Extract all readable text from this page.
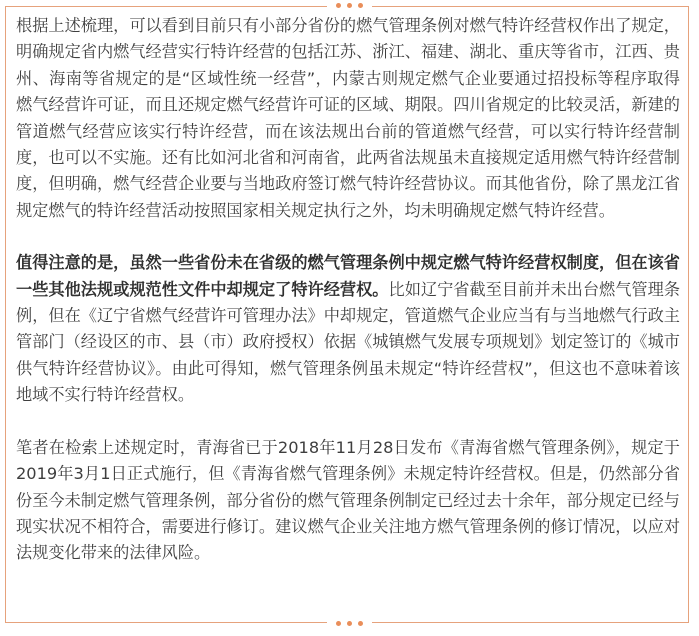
根据上述梳理，可以看到目前只有小部分省份的燃气管理条例对燃气特许经营权作出了规定，明确规定省内燃气经营实行特许经营的包括江苏、浙江、福建、湖北、重庆等省市，江西、贵州、海南等省规定的是“区域性统一经营”，内蒙古则规定燃气企业要通过招投标等程序取得燃气经营许可证，而且还规定燃气经营许可证的区域、期限。四川省规定的比较灵活，新建的管道燃气经营应该实行特许经营，而在该法规出台前的管道燃气经营，可以实行特许经营制度，也可以不实施。还有比如河北省和河南省，此两省法规虽未直接规定适用燃气特许经营制度，但明确，燃气经营企业要与当地政府签订燃气特许经营协议。而其他省份，除了黑龙江省规定燃气的特许经营活动按照国家相关规定执行之外，均未明确规定燃气特许经营。

值得注意的是，虽然一些省份未在省级的燃气管理条例中规定燃气特许经营权制度，但在该省一些其他法规或规范性文件中却规定了特许经营权。比如辽宁省截至目前并未出台燃气管理条例，但在《辽宁省燃气经营许可管理办法》中却规定，管道燃气企业应当有与当地燃气行政主管部门（经设区的市、县（市）政府授权）依据《城镇燃气发展专项规划》划定签订的《城市供气特许经营协议》。由此可得知，燃气管理条例虽未规定“特许经营权”，但这也不意味着该地域不实行特许经营权。

笔者在检索上述规定时，青海省已于2018年11月28日发布《青海省燃气管理条例》，规定于2019年3月1日正式施行，但《青海省燃气管理条例》未规定特许经营权。但是，仍然部分省份至今未制定燃气管理条例，部分省份的燃气管理条例制定已经过去十余年，部分规定已经与现实状况不相符合，需要进行修订。建议燃气企业关注地方燃气管理条例的修订情况，以应对法规变化带来的法律风险。
